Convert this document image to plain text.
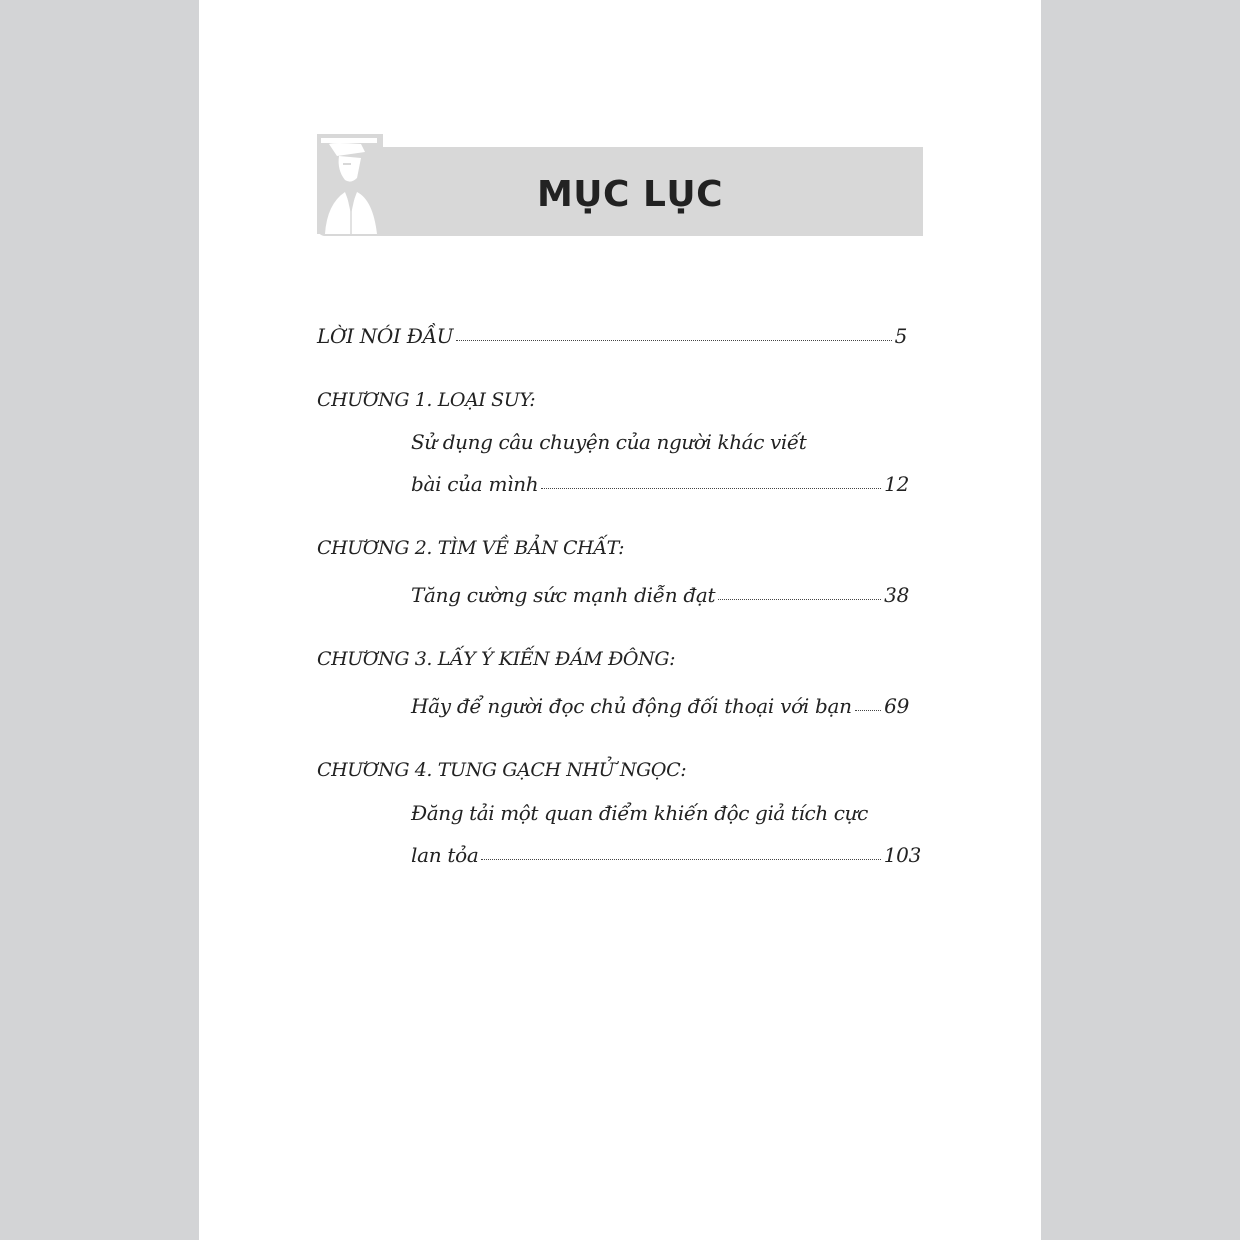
MỤC LỤC
LỜI NÓI ĐẦU	5
CHƯƠNG 1. LOẠI SUY:
Sử dụng câu chuyện của người khác viết
bài của mình	12
CHƯƠNG 2. TÌM VỀ BẢN CHẤT:
Tăng cường sức mạnh diễn đạt	38
CHƯƠNG 3. LẤY Ý KIẾN ĐÁM ĐÔNG:
Hãy để người đọc chủ động đối thoại với bạn 69
CHƯƠNG 4. TUNG GẠCH NHỬ NGỌC:
Đăng tải một quan điểm khiến độc giả tích cực
lan tỏa	103
